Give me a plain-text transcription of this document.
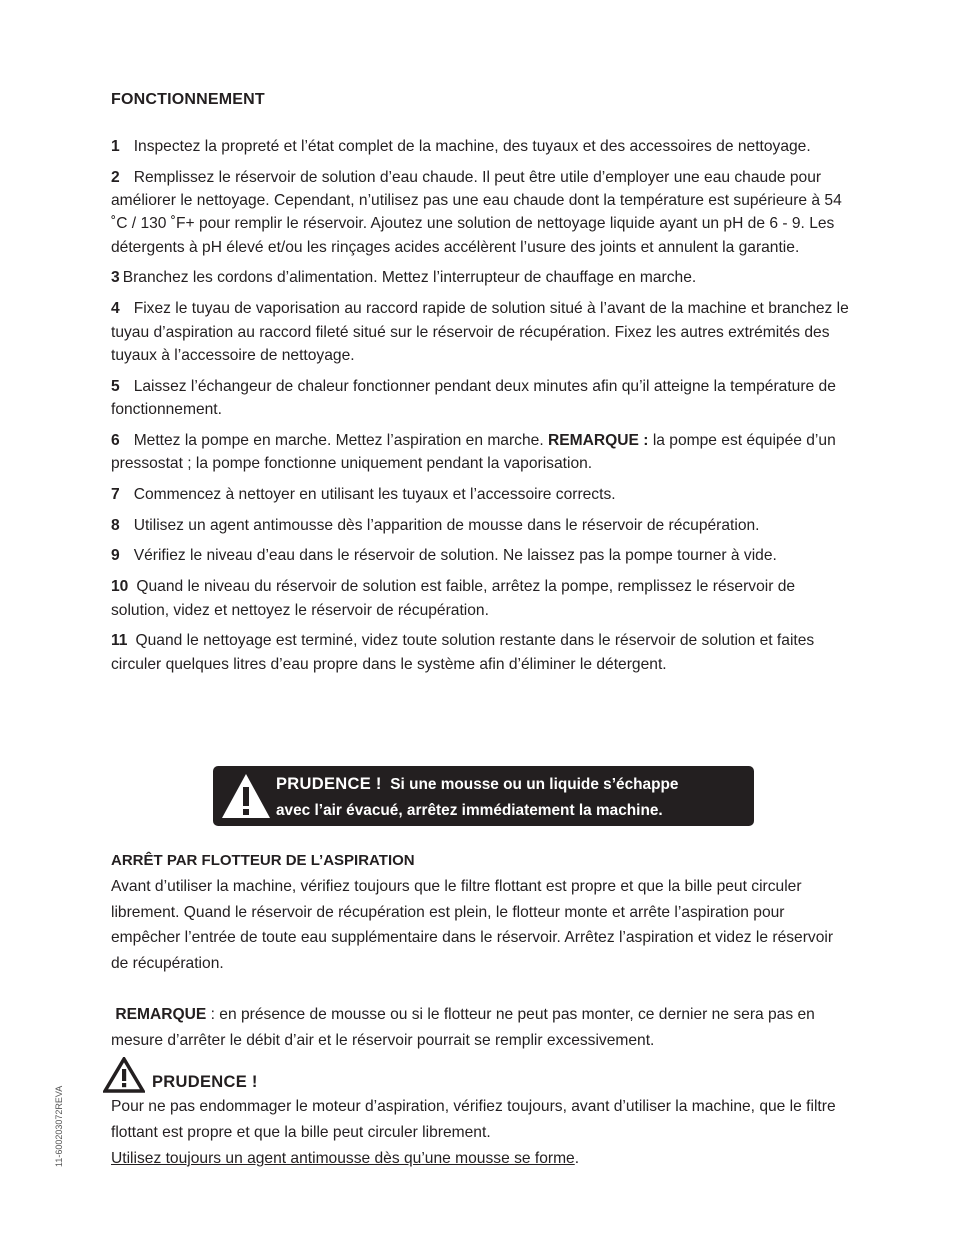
FONCTIONNEMENT

1 Inspectez la propreté et l’état complet de la machine, des tuyaux et des accessoires de nettoyage.

2 Remplissez le réservoir de solution d’eau chaude. Il peut être utile d’employer une eau chaude pour améliorer le nettoyage. Cependant, n’utilisez pas une eau chaude dont la température est supérieure à 54 ˚C / 130 ˚F+ pour remplir le réservoir. Ajoutez une solution de nettoyage liquide ayant un pH de 6 - 9. Les détergents à pH élevé et/ou les rinçages acides accélèrent l’usure des joints et annulent la garantie.

3 Branchez les cordons d’alimentation. Mettez l’interrupteur de chauffage en marche.

4 Fixez le tuyau de vaporisation au raccord rapide de solution situé à l’avant de la machine et branchez le tuyau d’aspiration au raccord fileté situé sur le réservoir de récupération. Fixez les autres extrémités des tuyaux à l’accessoire de nettoyage.

5 Laissez l’échangeur de chaleur fonctionner pendant deux minutes afin qu’il atteigne la température de fonctionnement.

6 Mettez la pompe en marche. Mettez l’aspiration en marche. REMARQUE : la pompe est équipée d’un pressostat ; la pompe fonctionne uniquement pendant la vaporisation.

7 Commencez à nettoyer en utilisant les tuyaux et l’accessoire corrects.

8 Utilisez un agent antimousse dès l’apparition de mousse dans le réservoir de récupération.

9 Vérifiez le niveau d’eau dans le réservoir de solution. Ne laissez pas la pompe tourner à vide.

10 Quand le niveau du réservoir de solution est faible, arrêtez la pompe, remplissez le réservoir de solution, videz et nettoyez le réservoir de récupération.

11 Quand le nettoyage est terminé, videz toute solution restante dans le réservoir de solution et faites circuler quelques litres d’eau propre dans le système afin d’éliminer le détergent.

PRUDENCE ! Si une mousse ou un liquide s’échappe
avec l’air évacué, arrêtez immédiatement la machine.
ARRÊT PAR FLOTTEUR DE L’ASPIRATION
Avant d’utiliser la machine, vérifiez toujours que le filtre flottant est propre et que la bille peut circuler librement. Quand le réservoir de récupération est plein, le flotteur monte et arrête l’aspiration pour empêcher l’entrée de toute eau supplémentaire dans le réservoir. Arrêtez l’aspiration et videz le réservoir de récupération.
REMARQUE : en présence de mousse ou si le flotteur ne peut pas monter, ce dernier ne sera pas en mesure d’arrêter le débit d’air et le réservoir pourrait se remplir excessivement.
PRUDENCE !
Pour ne pas endommager le moteur d’aspiration, vérifiez toujours, avant d’utiliser la machine, que le filtre flottant est propre et que la bille peut circuler librement.
Utilisez toujours un agent antimousse dès qu’une mousse se forme.
11-600203072REVA
